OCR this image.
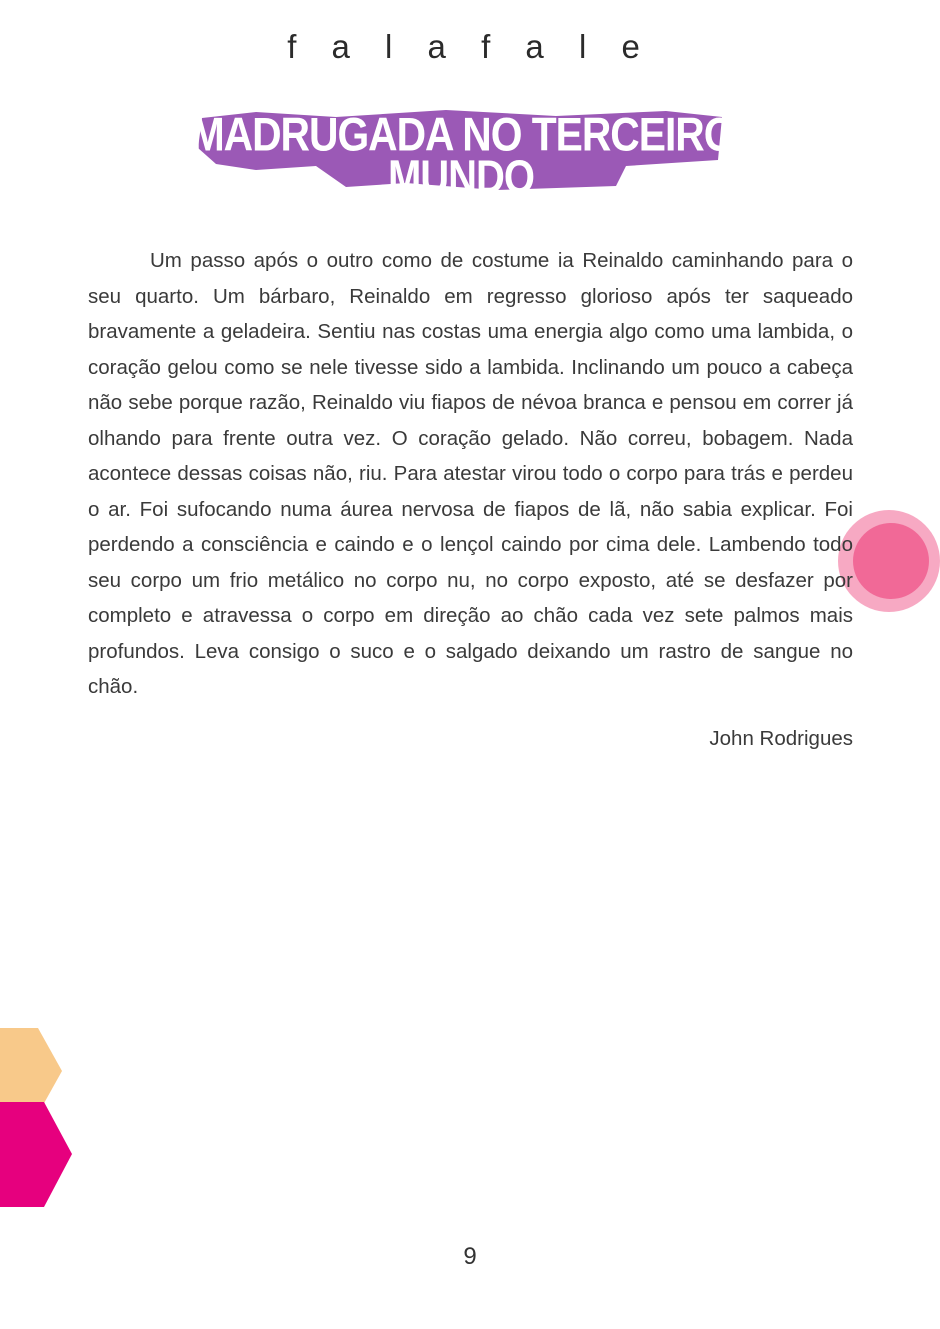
f a l a f a l e
MADRUGADA NO TERCEIRO
MUNDO

Um passo após o outro como de costume ia Reinaldo caminhando para o seu quarto. Um bárbaro, Reinaldo em regresso glorioso após ter saqueado bravamente a geladeira. Sentiu nas costas uma energia algo como uma lambida, o coração gelou como se nele tivesse sido a lambida. Inclinando um pouco a cabeça não sebe porque razão, Reinaldo viu fiapos de névoa branca e pensou em correr já olhando para frente outra vez. O coração gelado. Não correu, bobagem. Nada acontece dessas coisas não, riu. Para atestar virou todo o corpo para trás e perdeu o ar. Foi sufocando numa áurea nervosa de fiapos de lã, não sabia explicar. Foi perdendo a consciência e caindo e o lençol caindo por cima dele. Lambendo todo seu corpo um frio metálico no corpo nu, no corpo exposto, até se desfazer por completo e atravessa o corpo em direção ao chão cada vez sete palmos mais profundos. Leva consigo o suco e o salgado deixando um rastro de sangue no chão.

John Rodrigues
9
